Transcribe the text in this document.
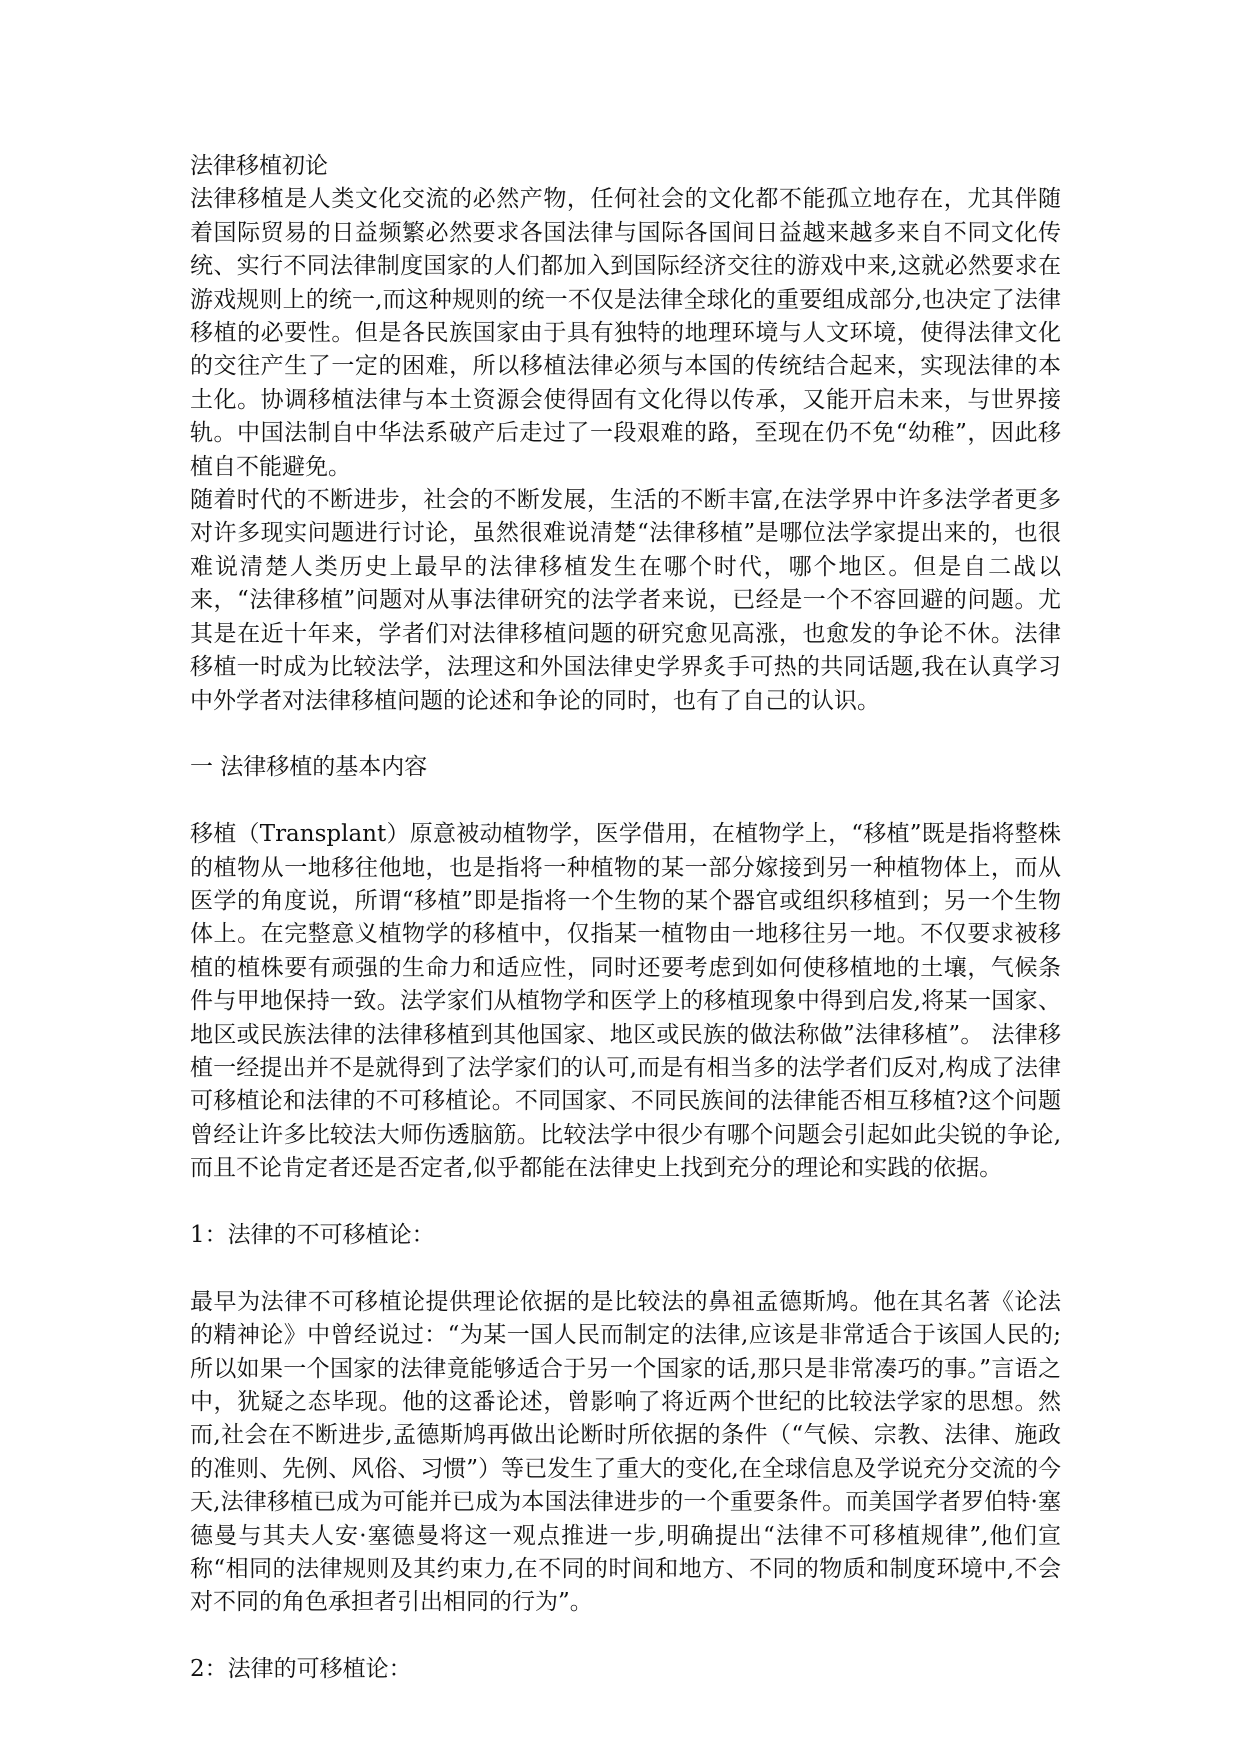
法律移植初论

法律移植是人类文化交流的必然产物，任何社会的文化都不能孤立地存在，尤其伴随着国际贸易的日益频繁必然要求各国法律与国际各国间日益越来越多来自不同文化传统、实行不同法律制度国家的人们都加入到国际经济交往的游戏中来,这就必然要求在游戏规则上的统一,而这种规则的统一不仅是法律全球化的重要组成部分,也决定了法律移植的必要性。但是各民族国家由于具有独特的地理环境与人文环境，使得法律文化的交往产生了一定的困难，所以移植法律必须与本国的传统结合起来，实现法律的本土化。协调移植法律与本土资源会使得固有文化得以传承，又能开启未来，与世界接轨。中国法制自中华法系破产后走过了一段艰难的路，至现在仍不免“幼稚”，因此移植自不能避免。

随着时代的不断进步，社会的不断发展，生活的不断丰富,在法学界中许多法学者更多对许多现实问题进行讨论，虽然很难说清楚“法律移植”是哪位法学家提出来的，也很难说清楚人类历史上最早的法律移植发生在哪个时代，哪个地区。但是自二战以来，“法律移植”问题对从事法律研究的法学者来说，已经是一个不容回避的问题。尤其是在近十年来，学者们对法律移植问题的研究愈见高涨，也愈发的争论不休。法律移植一时成为比较法学，法理这和外国法律史学界炙手可热的共同话题,我在认真学习中外学者对法律移植问题的论述和争论的同时，也有了自己的认识。

一 法律移植的基本内容

移植（Transplant）原意被动植物学，医学借用，在植物学上，“移植”既是指将整株的植物从一地移往他地，也是指将一种植物的某一部分嫁接到另一种植物体上，而从医学的角度说，所谓“移植”即是指将一个生物的某个器官或组织移植到；另一个生物体上。在完整意义植物学的移植中，仅指某一植物由一地移往另一地。不仅要求被移植的植株要有顽强的生命力和适应性，同时还要考虑到如何使移植地的土壤，气候条件与甲地保持一致。法学家们从植物学和医学上的移植现象中得到启发,将某一国家、地区或民族法律的法律移植到其他国家、地区或民族的做法称做”法律移植”。 法律移植一经提出并不是就得到了法学家们的认可,而是有相当多的法学者们反对,构成了法律可移植论和法律的不可移植论。不同国家、不同民族间的法律能否相互移植?这个问题曾经让许多比较法大师伤透脑筋。比较法学中很少有哪个问题会引起如此尖锐的争论,而且不论肯定者还是否定者,似乎都能在法律史上找到充分的理论和实践的依据。

1：法律的不可移植论：

最早为法律不可移植论提供理论依据的是比较法的鼻祖孟德斯鸠。他在其名著《论法的精神论》中曾经说过：“为某一国人民而制定的法律,应该是非常适合于该国人民的;所以如果一个国家的法律竟能够适合于另一个国家的话,那只是非常凑巧的事。”言语之中，犹疑之态毕现。他的这番论述，曾影响了将近两个世纪的比较法学家的思想。然而,社会在不断进步,孟德斯鸠再做出论断时所依据的条件（“气候、宗教、法律、施政的准则、先例、风俗、习惯”）等已发生了重大的变化,在全球信息及学说充分交流的今天,法律移植已成为可能并已成为本国法律进步的一个重要条件。而美国学者罗伯特·塞德曼与其夫人安·塞德曼将这一观点推进一步,明确提出“法律不可移植规律”,他们宣称“相同的法律规则及其约束力,在不同的时间和地方、不同的物质和制度环境中,不会对不同的角色承担者引出相同的行为”。

2：法律的可移植论：
